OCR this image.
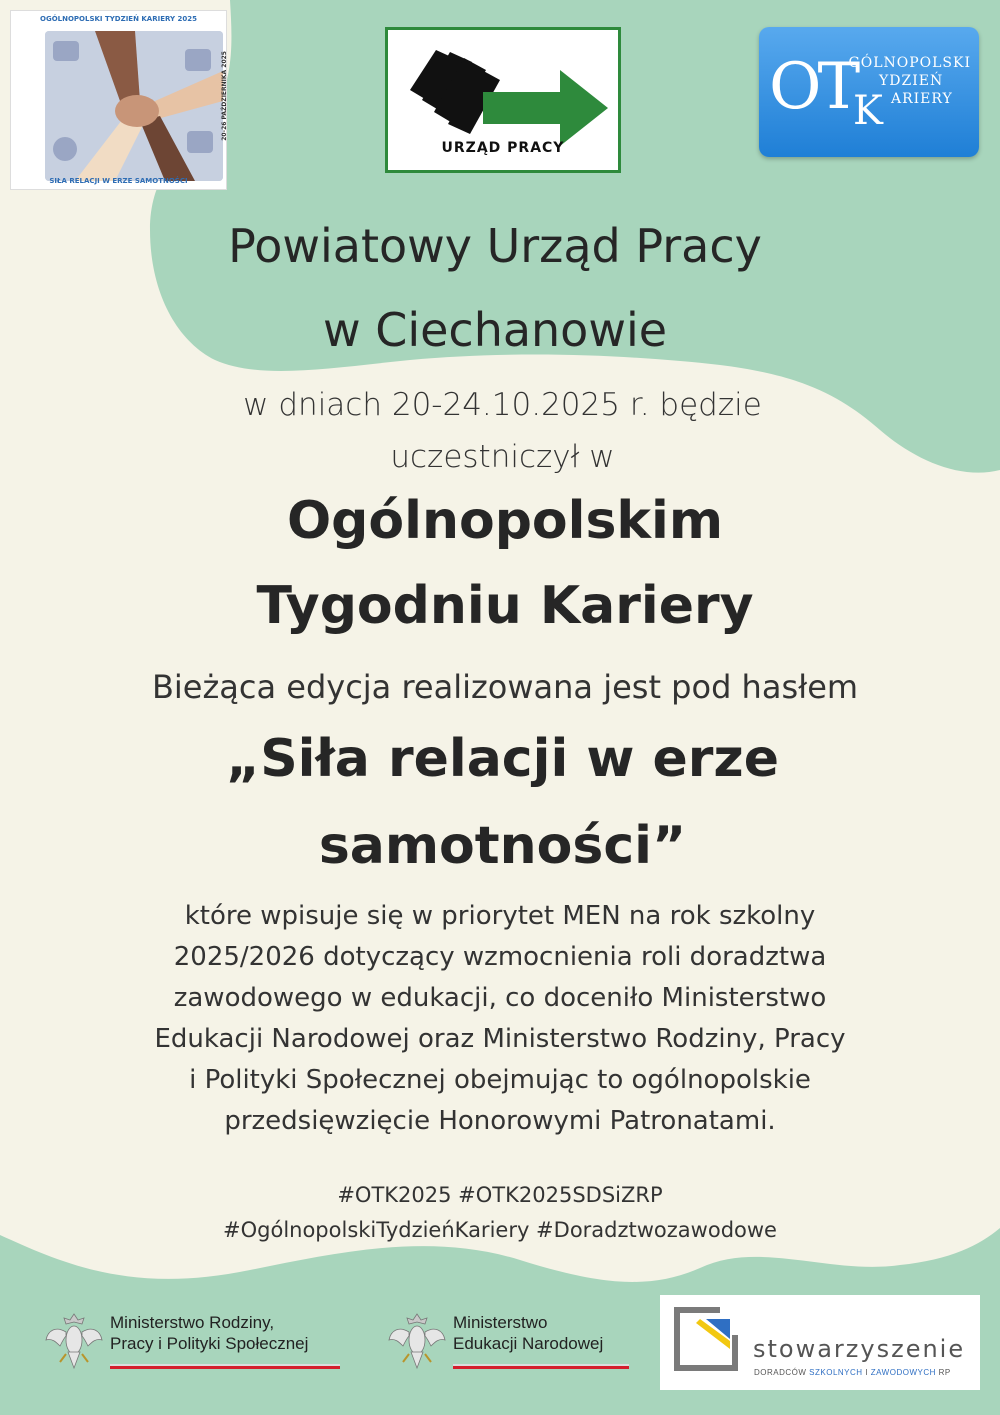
OGÓLNOPOLSKI TYDZIEŃ KARIERY 2025
20-26 PAŹDZIERNIKA 2025
SIŁA RELACJI W ERZE SAMOTNOŚCI
URZĄD PRACY
OT
K
GÓLNOPOLSKI
YDZIEŃ
ARIERY
Powiatowy Urząd Pracy
w Ciechanowie
w dniach 20-24.10.2025 r. będzie
uczestniczył w
Ogólnopolskim
Tygodniu Kariery
Bieżąca edycja realizowana jest pod hasłem
„Siła relacji w erze
samotności”
które wpisuje się w priorytet MEN na rok szkolny
2025/2026 dotyczący wzmocnienia roli doradztwa
zawodowego w edukacji, co doceniło Ministerstwo
Edukacji Narodowej oraz Ministerstwo Rodziny, Pracy
i Polityki Społecznej obejmując to ogólnopolskie
przedsięwzięcie Honorowymi Patronatami.
#OTK2025 #OTK2025SDSiZRP
#OgólnopolskiTydzieńKariery #Doradztwozawodowe
Ministerstwo Rodziny,
Pracy i Polityki Społecznej
Ministerstwo
Edukacji Narodowej	stowarzyszenie
DORADCÓW SZKOLNYCH I ZAWODOWYCH RP
